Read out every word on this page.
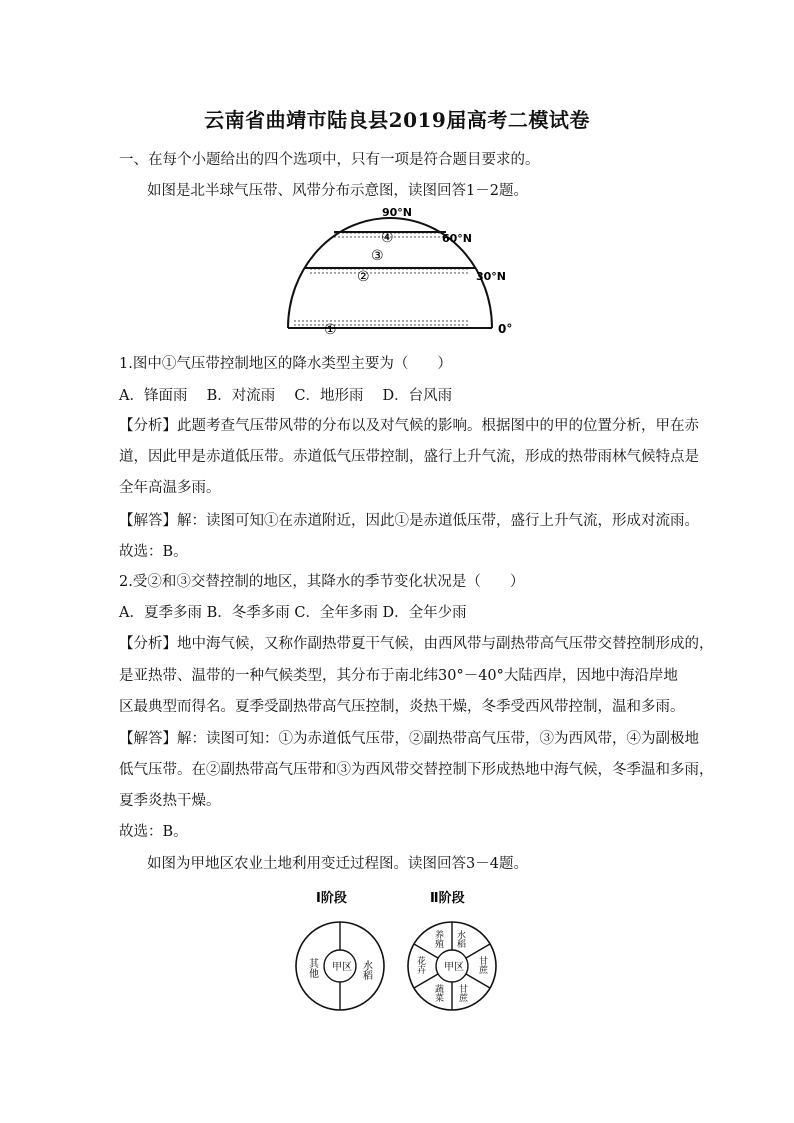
云南省曲靖市陆良县2019届高考二模试卷
一、在每个小题给出的四个选项中，只有一项是符合题目要求的。
如图是北半球气压带、风带分布示意图，读图回答1－2题。
90°N
60°N
30°N
0°
④
③
②
①
1.图中①气压带控制地区的降水类型主要为（　　）
A．锋面雨　 B．对流雨　 C．地形雨　 D．台风雨
【分析】此题考查气压带风带的分布以及对气候的影响。根据图中的甲的位置分析，甲在赤
道，因此甲是赤道低压带。赤道低气压带控制，盛行上升气流，形成的热带雨林气候特点是
全年高温多雨。
【解答】解：读图可知①在赤道附近，因此①是赤道低压带，盛行上升气流，形成对流雨。
故选：B。
2.受②和③交替控制的地区，其降水的季节变化状况是（　　）
A．夏季多雨 B．冬季多雨 C．全年多雨 D．全年少雨
【分析】地中海气候，又称作副热带夏干气候，由西风带与副热带高气压带交替控制形成的，
是亚热带、温带的一种气候类型，其分布于南北纬30°－40°大陆西岸，因地中海沿岸地
区最典型而得名。夏季受副热带高气压控制，炎热干燥，冬季受西风带控制，温和多雨。
【解答】解：读图可知：①为赤道低气压带，②副热带高气压带，③为西风带，④为副极地
低气压带。在②副热带高气压带和③为西风带交替控制下形成热地中海气候，冬季温和多雨，
夏季炎热干燥。
故选：B。
如图为甲地区农业土地利用变迁过程图。读图回答3－4题。
Ⅰ阶段
甲区
其他	水稻
Ⅱ阶段
甲区
水稻
甘蔗
甘蔗
蔬菜
花卉
养殖
